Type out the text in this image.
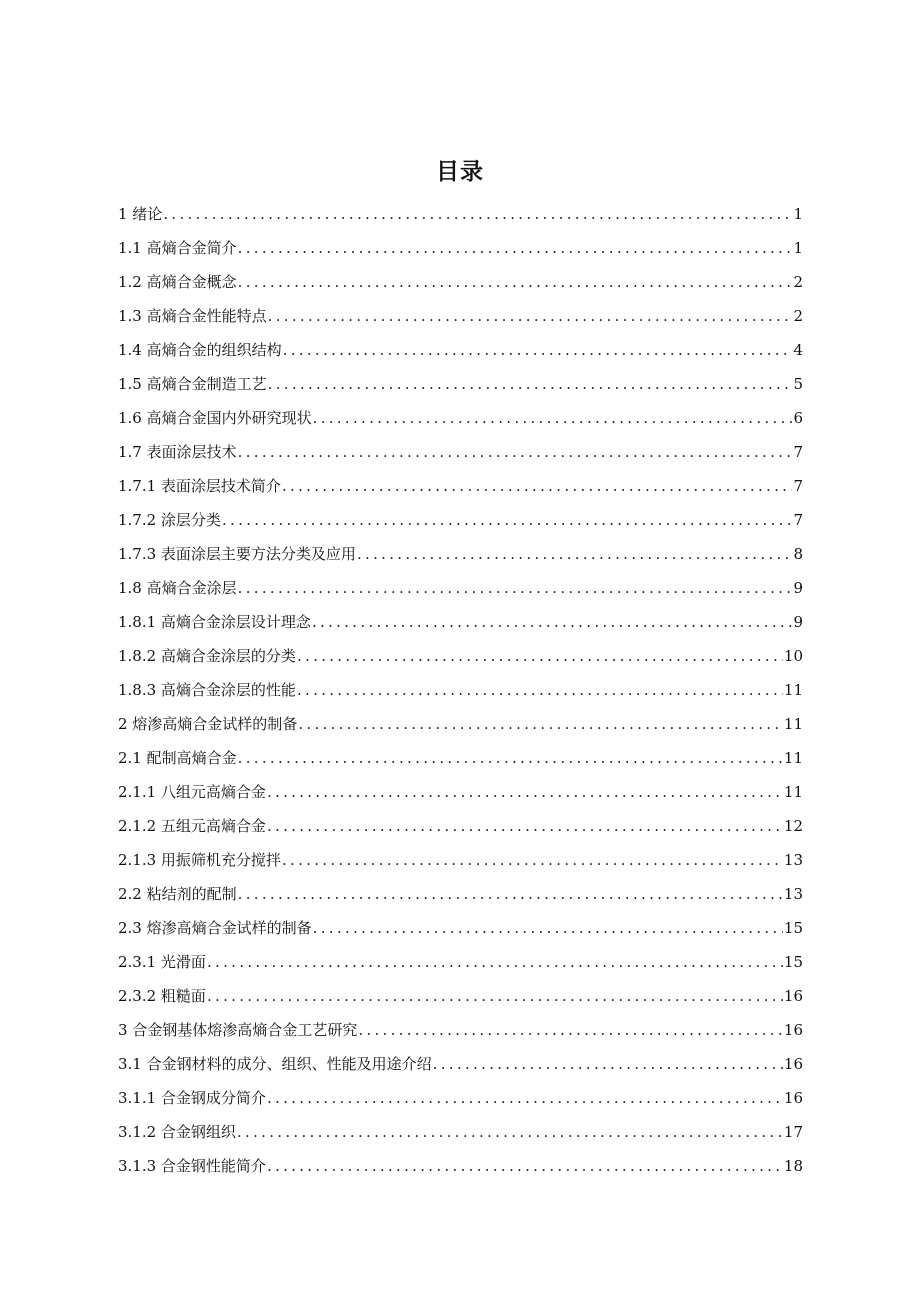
目录
1 绪论 .....	1
1.1 高熵合金简介 .....	1
1.2 高熵合金概念 .....	2
1.3 高熵合金性能特点 .....	2
1.4 高熵合金的组织结构 .....	4
1.5 高熵合金制造工艺 .....	5
1.6 高熵合金国内外研究现状 .....	6
1.7 表面涂层技术 .....	7
1.7.1 表面涂层技术简介 .....	7
1.7.2 涂层分类 .....	7
1.7.3 表面涂层主要方法分类及应用 .....	8
1.8 高熵合金涂层 .....	9
1.8.1 高熵合金涂层设计理念 .....	9
1.8.2 高熵合金涂层的分类 .....	10
1.8.3 高熵合金涂层的性能 .....	11
2 熔渗高熵合金试样的制备 .....	11
2.1 配制高熵合金 .....	11
2.1.1 八组元高熵合金 .....	11
2.1.2 五组元高熵合金 .....	12
2.1.3 用振筛机充分搅拌 .....	13
2.2 粘结剂的配制 .....	13
2.3 熔渗高熵合金试样的制备 .....	15
2.3.1 光滑面 .....	15
2.3.2 粗糙面 .....	16
3 合金钢基体熔渗高熵合金工艺研究 .....	16
3.1 合金钢材料的成分、组织、性能及用途介绍 .....	16
3.1.1 合金钢成分简介 .....	16
3.1.2 合金钢组织 .....	17
3.1.3 合金钢性能简介 .....	18
